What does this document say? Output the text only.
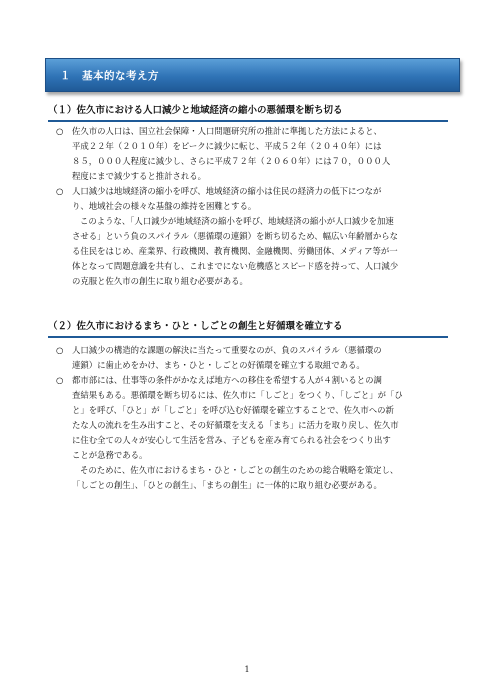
１　基本的な考え方
（１）佐久市における人口減少と地域経済の縮小の悪循環を断ち切る
○ 佐久市の人口は、国立社会保障・人口問題研究所の推計に準拠した方法によると、
平成２２年（２０１０年）をピークに減少に転じ、平成５２年（２０４０年）には
８５，０００人程度に減少し、さらに平成７２年（２０６０年）には７０，０００人
程度にまで減少すると推計される。
○ 人口減少は地域経済の縮小を呼び、地域経済の縮小は住民の経済力の低下につなが
り、地域社会の様々な基盤の維持を困難とする。
このような、「人口減少が地域経済の縮小を呼び、地域経済の縮小が人口減少を加速
させる」という負のスパイラル（悪循環の連鎖）を断ち切るため、幅広い年齢層からな
る住民をはじめ、産業界、行政機関、教育機関、金融機関、労働団体、メディア等が一
体となって問題意識を共有し、これまでにない危機感とスピード感を持って、人口減少
の克服と佐久市の創生に取り組む必要がある。
（２）佐久市におけるまち・ひと・しごとの創生と好循環を確立する
○ 人口減少の構造的な課題の解決に当たって重要なのが、負のスパイラル（悪循環の
連鎖）に歯止めをかけ、まち・ひと・しごとの好循環を確立する取組である。
○ 都市部には、仕事等の条件がかなえば地方への移住を希望する人が４割いるとの調
査結果もある。悪循環を断ち切るには、佐久市に「しごと」をつくり、「しごと」が「ひ
と」を呼び、「ひと」が「しごと」を呼び込む好循環を確立することで、佐久市への新
たな人の流れを生み出すこと、その好循環を支える「まち」に活力を取り戻し、佐久市
に住む全ての人々が安心して生活を営み、子どもを産み育てられる社会をつくり出す
ことが急務である。
そのために、佐久市におけるまち・ひと・しごとの創生のための総合戦略を策定し、
「しごとの創生」、「ひとの創生」、「まちの創生」に一体的に取り組む必要がある。
1
